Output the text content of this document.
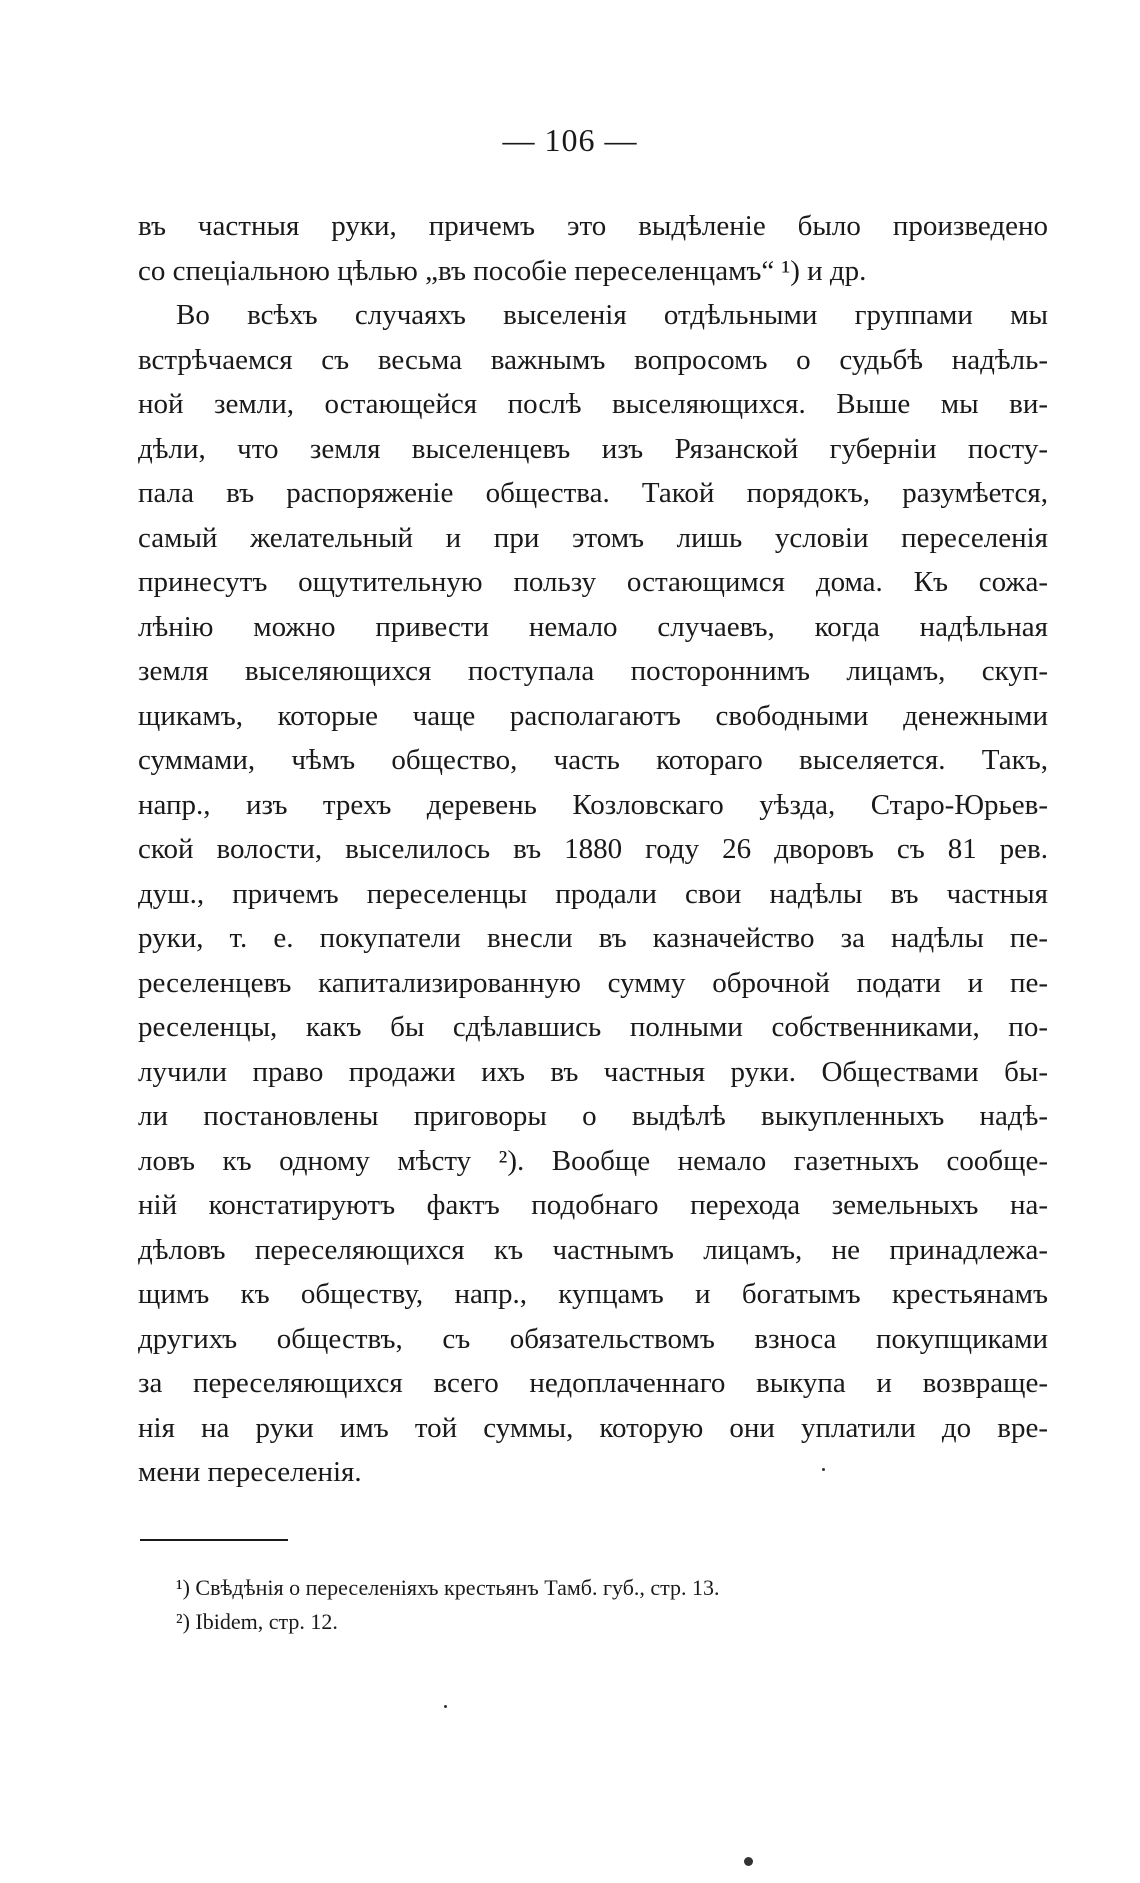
— 106 —
въ частныя руки, причемъ это выдѣленіе было произведено
со спеціальною цѣлью „въ пособіе переселенцамъ“ ¹) и др.
Во всѣхъ случаяхъ выселенія отдѣльными группами мы
встрѣчаемся съ весьма важнымъ вопросомъ о судьбѣ надѣль-
ной земли, остающейся послѣ выселяющихся. Выше мы ви-
дѣли, что земля выселенцевъ изъ Рязанской губерніи посту-
пала въ распоряженіе общества. Такой порядокъ, разумѣется,
самый желательный и при этомъ лишь условіи переселенія
принесутъ ощутительную пользу остающимся дома. Къ сожа-
лѣнію можно привести немало случаевъ, когда надѣльная
земля выселяющихся поступала постороннимъ лицамъ, скуп-
щикамъ, которые чаще располагаютъ свободными денежными
суммами, чѣмъ общество, часть котораго выселяется. Такъ,
напр., изъ трехъ деревень Козловскаго уѣзда, Старо-Юрьев-
ской волости, выселилось въ 1880 году 26 дворовъ съ 81 рев.
душ., причемъ переселенцы продали свои надѣлы въ частныя
руки, т. е. покупатели внесли въ казначейство за надѣлы пе-
реселенцевъ капитализированную сумму оброчной подати и пе-
реселенцы, какъ бы сдѣлавшись полными собственниками, по-
лучили право продажи ихъ въ частныя руки. Обществами бы-
ли постановлены приговоры о выдѣлѣ выкупленныхъ надѣ-
ловъ къ одному мѣсту ²). Вообще немало газетныхъ сообще-
ній констатируютъ фактъ подобнаго перехода земельныхъ на-
дѣловъ переселяющихся къ частнымъ лицамъ, не принадлежа-
щимъ къ обществу, напр., купцамъ и богатымъ крестьянамъ
другихъ обществъ, съ обязательствомъ взноса покупщиками
за переселяющихся всего недоплаченнаго выкупа и возвраще-
нія на руки имъ той суммы, которую они уплатили до вре-
мени переселенія.
¹) Свѣдѣнія о переселеніяхъ крестьянъ Тамб. губ., стр. 13.
²) Ibidem, стр. 12.
